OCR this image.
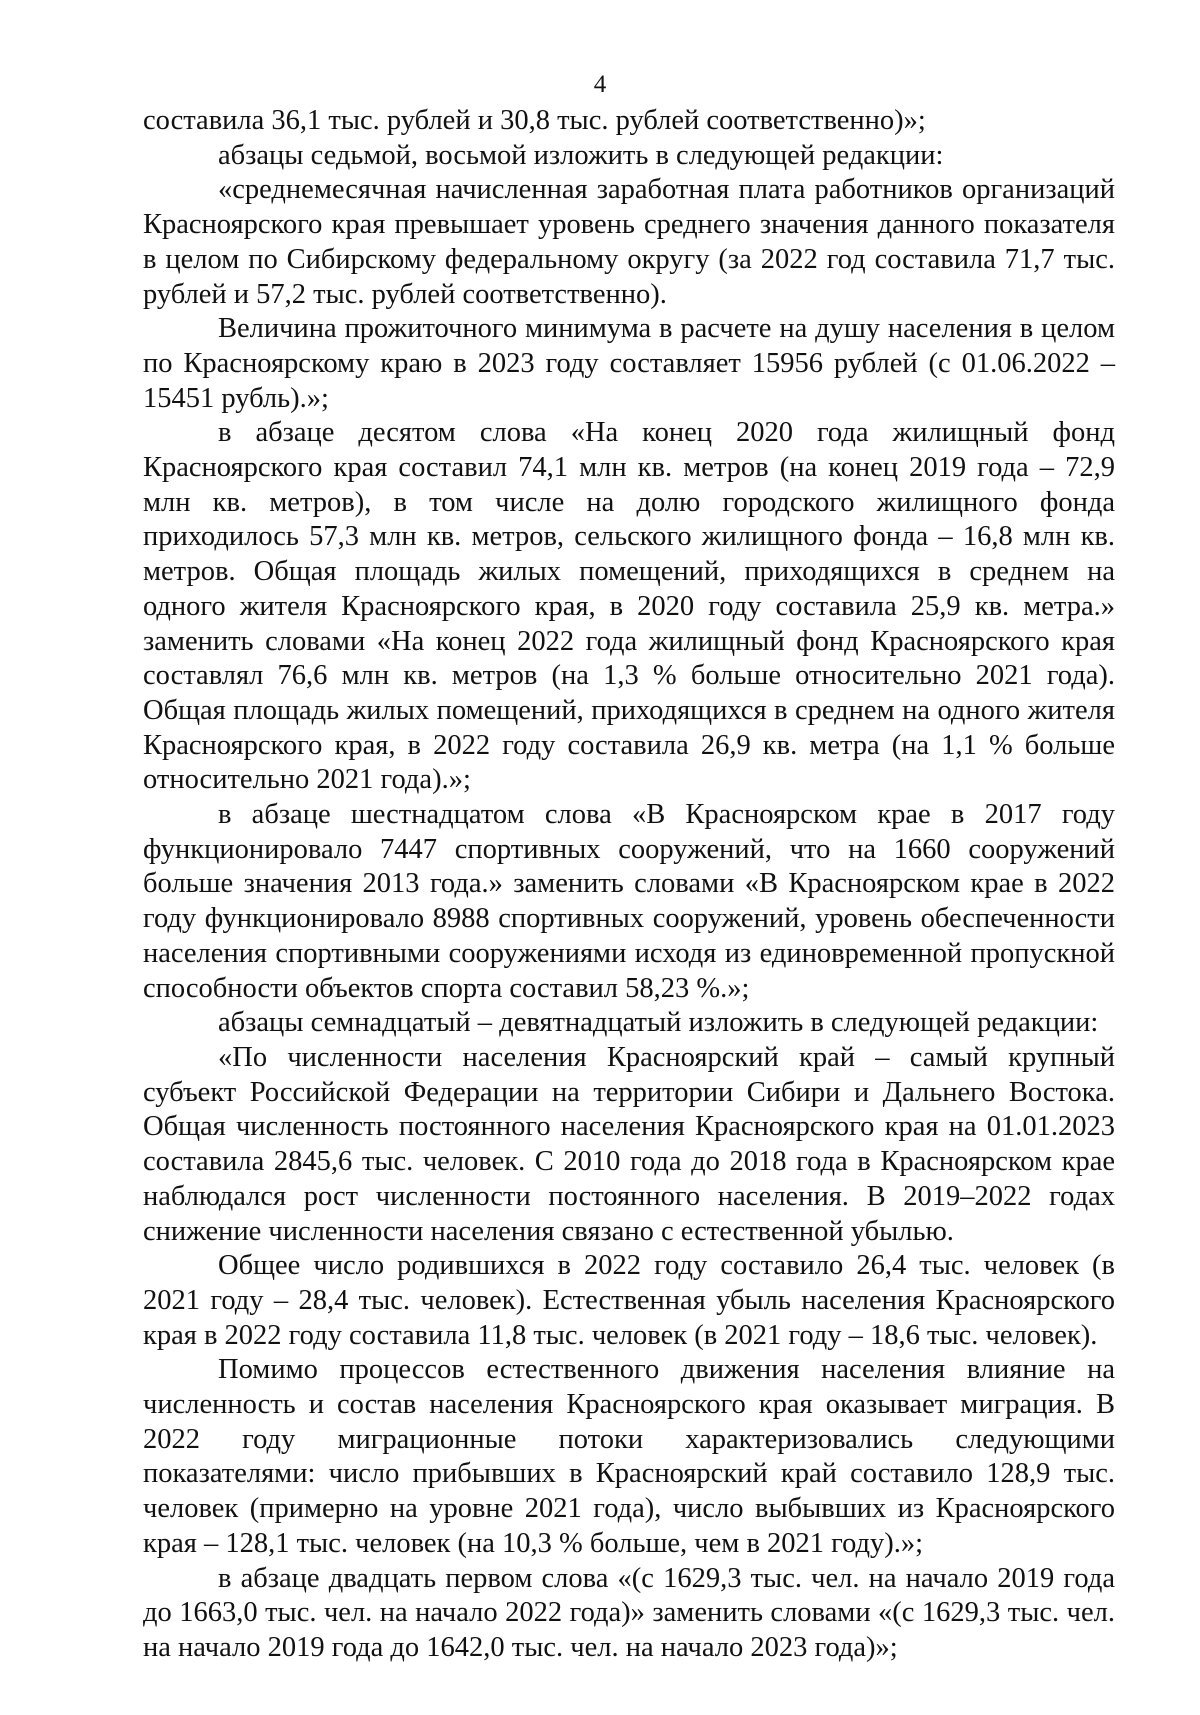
4

составила 36,1 тыс. рублей и 30,8 тыс. рублей соответственно)»;

абзацы седьмой, восьмой изложить в следующей редакции:

«среднемесячная начисленная заработная плата работников организаций Красноярского края превышает уровень среднего значения данного показателя в целом по Сибирскому федеральному округу (за 2022 год составила 71,7 тыс. рублей и 57,2 тыс. рублей соответственно).

Величина прожиточного минимума в расчете на душу населения в целом по Красноярскому краю в 2023 году составляет 15956 рублей (с 01.06.2022 – 15451 рубль).»;

в абзаце десятом слова «На конец 2020 года жилищный фонд Красноярского края составил 74,1 млн кв. метров (на конец 2019 года – 72,9 млн кв. метров), в том числе на долю городского жилищного фонда приходилось 57,3 млн кв. метров, сельского жилищного фонда – 16,8 млн кв. метров. Общая площадь жилых помещений, приходящихся в среднем на одного жителя Красноярского края, в 2020 году составила 25,9 кв. метра.» заменить словами «На конец 2022 года жилищный фонд Красноярского края составлял 76,6 млн кв. метров (на 1,3 % больше относительно 2021 года). Общая площадь жилых помещений, приходящихся в среднем на одного жителя Красноярского края, в 2022 году составила 26,9 кв. метра (на 1,1 % больше относительно 2021 года).»;

в абзаце шестнадцатом слова «В Красноярском крае в 2017 году функционировало 7447 спортивных сооружений, что на 1660 сооружений больше значения 2013 года.» заменить словами «В Красноярском крае в 2022 году функционировало 8988 спортивных сооружений, уровень обеспеченности населения спортивными сооружениями исходя из единовременной пропускной способности объектов спорта составил 58,23 %.»;

абзацы семнадцатый – девятнадцатый изложить в следующей редакции:

«По численности населения Красноярский край – самый крупный субъект Российской Федерации на территории Сибири и Дальнего Востока. Общая численность постоянного населения Красноярского края на 01.01.2023 составила 2845,6 тыс. человек. С 2010 года до 2018 года в Красноярском крае наблюдался рост численности постоянного населения. В 2019–2022 годах снижение численности населения связано с естественной убылью.

Общее число родившихся в 2022 году составило 26,4 тыс. человек (в 2021 году – 28,4 тыс. человек). Естественная убыль населения Красноярского края в 2022 году составила 11,8 тыс. человек (в 2021 году – 18,6 тыс. человек).

Помимо процессов естественного движения населения влияние на численность и состав населения Красноярского края оказывает миграция. В 2022 году миграционные потоки характеризовались следующими показателями: число прибывших в Красноярский край составило 128,9 тыс. человек (примерно на уровне 2021 года), число выбывших из Красноярского края – 128,1 тыс. человек (на 10,3 % больше, чем в 2021 году).»;

в абзаце двадцать первом слова «(с 1629,3 тыс. чел. на начало 2019 года до 1663,0 тыс. чел. на начало 2022 года)» заменить словами «(с 1629,3 тыс. чел. на начало 2019 года до 1642,0 тыс. чел. на начало 2023 года)»;
